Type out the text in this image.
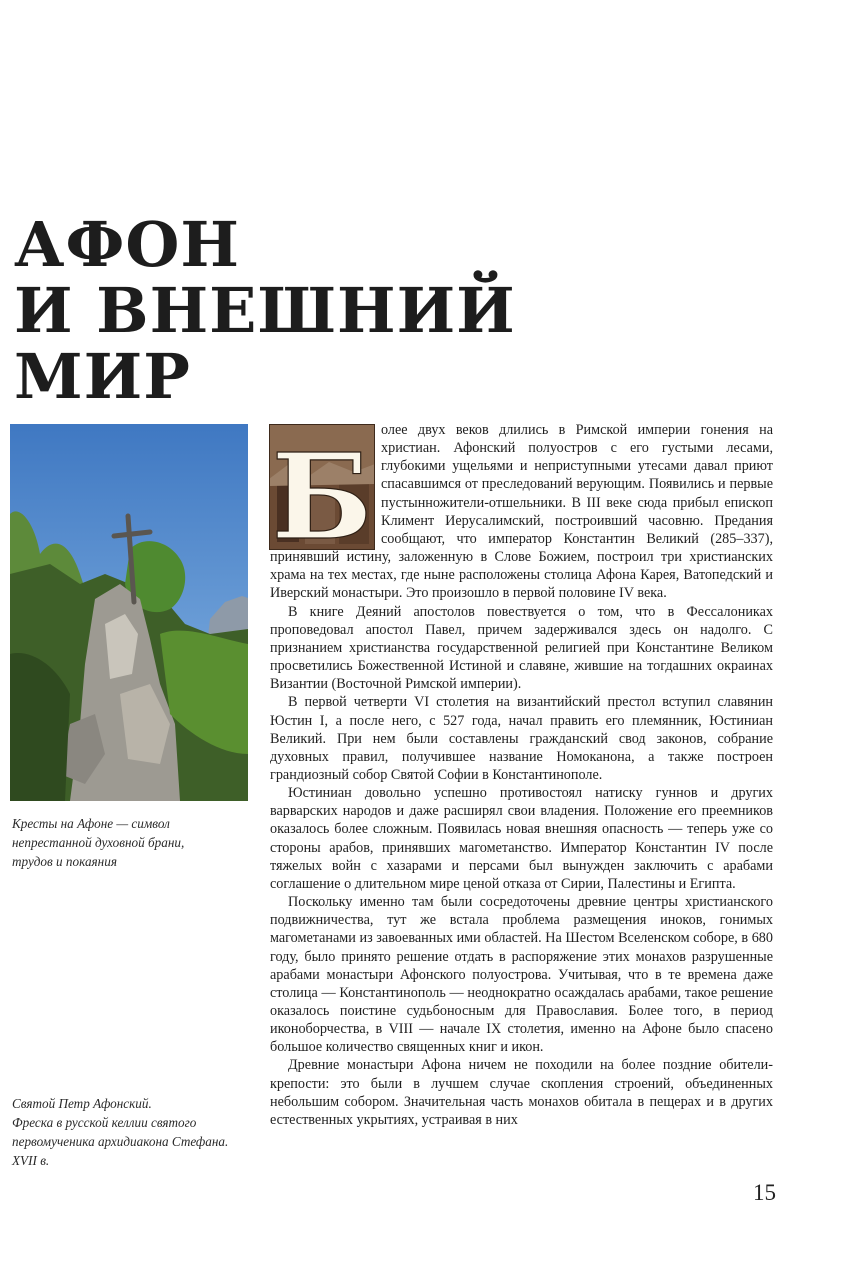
АФОН
И ВНЕШНИЙ
МИР

Кресты на Афоне — символ
непрестанной духовной брани,
трудов и покаяния

Святой Петр Афонский.
Фреска в русской келлии святого
первомученика архидиакона Стефана.
XVII в.

Б олее двух веков длились в Римской империи гонения на христиан. Афонский полуостров с его густыми лесами, глубокими ущельями и неприступными утесами давал приют спасавшимся от преследований верующим. Появились и первые пустынножители-отшельники. В III веке сюда прибыл епископ Климент Иерусалимский, построивший часовню. Предания сообщают, что император Константин Великий (285–337), принявший истину, заложенную в Слове Божием, построил три христианских храма на тех местах, где ныне расположены столица Афона Карея, Ватопедский и Иверский монастыри. Это произошло в первой половине IV века.

В книге Деяний апостолов повествуется о том, что в Фессалониках проповедовал апостол Павел, причем задерживался здесь он надолго. С признанием христианства государственной религией при Константине Великом просветились Божественной Истиной и славяне, жившие на тогдашних окраинах Византии (Восточной Римской империи).

В первой четверти VI столетия на византийский престол вступил славянин Юстин I, а после него, с 527 года, начал править его племянник, Юстиниан Великий. При нем были составлены гражданский свод законов, собрание духовных правил, получившее название Номоканона, а также построен грандиозный собор Святой Софии в Константинополе.

Юстиниан довольно успешно противостоял натиску гуннов и других варварских народов и даже расширял свои владения. Положение его преемников оказалось более сложным. Появилась новая внешняя опасность — теперь уже со стороны арабов, принявших магометанство. Император Константин IV после тяжелых войн с хазарами и персами был вынужден заключить с арабами соглашение о длительном мире ценой отказа от Сирии, Палестины и Египта.

Поскольку именно там были сосредоточены древние центры христианского подвижничества, тут же встала проблема размещения иноков, гонимых магометанами из завоеванных ими областей. На Шестом Вселенском соборе, в 680 году, было принято решение отдать в распоряжение этих монахов разрушенные арабами монастыри Афонского полуострова. Учитывая, что в те времена даже столица — Константинополь — неоднократно осаждалась арабами, такое решение оказалось поистине судьбоносным для Православия. Более того, в период иконоборчества, в VIII — начале IX столетия, именно на Афоне было спасено большое количество священных книг и икон.

Древние монастыри Афона ничем не походили на более поздние обители-крепости: это были в лучшем случае скопления строений, объединенных небольшим собором. Значительная часть монахов обитала в пещерах и в других естественных укрытиях, устраивая в них

15
